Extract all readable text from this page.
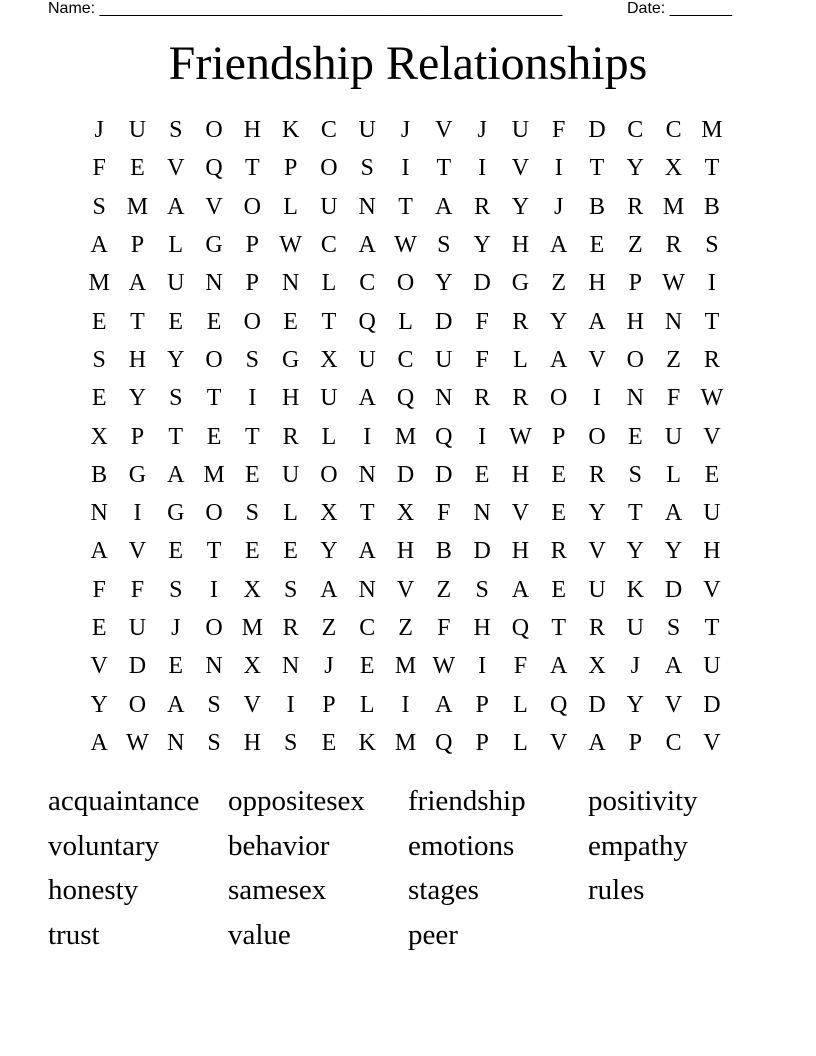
Name: ____________________________________________________	Date: _______
Friendship Relationships
J	U S O H K C U	J	V	J	U F D C C M
F	E V Q T	P O S	I	T	I	V	I	T Y X T
S M A V O L U N T A R Y	J	B R M B
A P	L G P W C A W S Y H A E Z R S
M A U N P N L C O Y D G Z H P W I
E T E E O E T Q L D F R Y A H N T
S H Y O S G X U C U F	L A V O Z R
E Y S	T	I	H U A Q N R R O	I	N F W
X P	T E T R L	I M Q	I W P O E U V
B G A M E U O N D D E H E R S	L E
N	I	G O S	L X T X F N V E Y T A U
A V E T E E Y A H B D H R V Y Y H
F	F	S	I	X S A N V Z	S A E U K D V
E U	J	O M R Z C Z	F H Q T R U S	T
V D E N X N	J	E M W I	F A X	J	A U
Y O A S V	I	P	L	I	A P	L Q D Y V D
A W N S H S	E K M Q P	L V A P C V
acquaintance oppositesex	friendship	positivity
voluntary	behavior	emotions	empathy
honesty	samesex	stages	rules
trust	value	peer
